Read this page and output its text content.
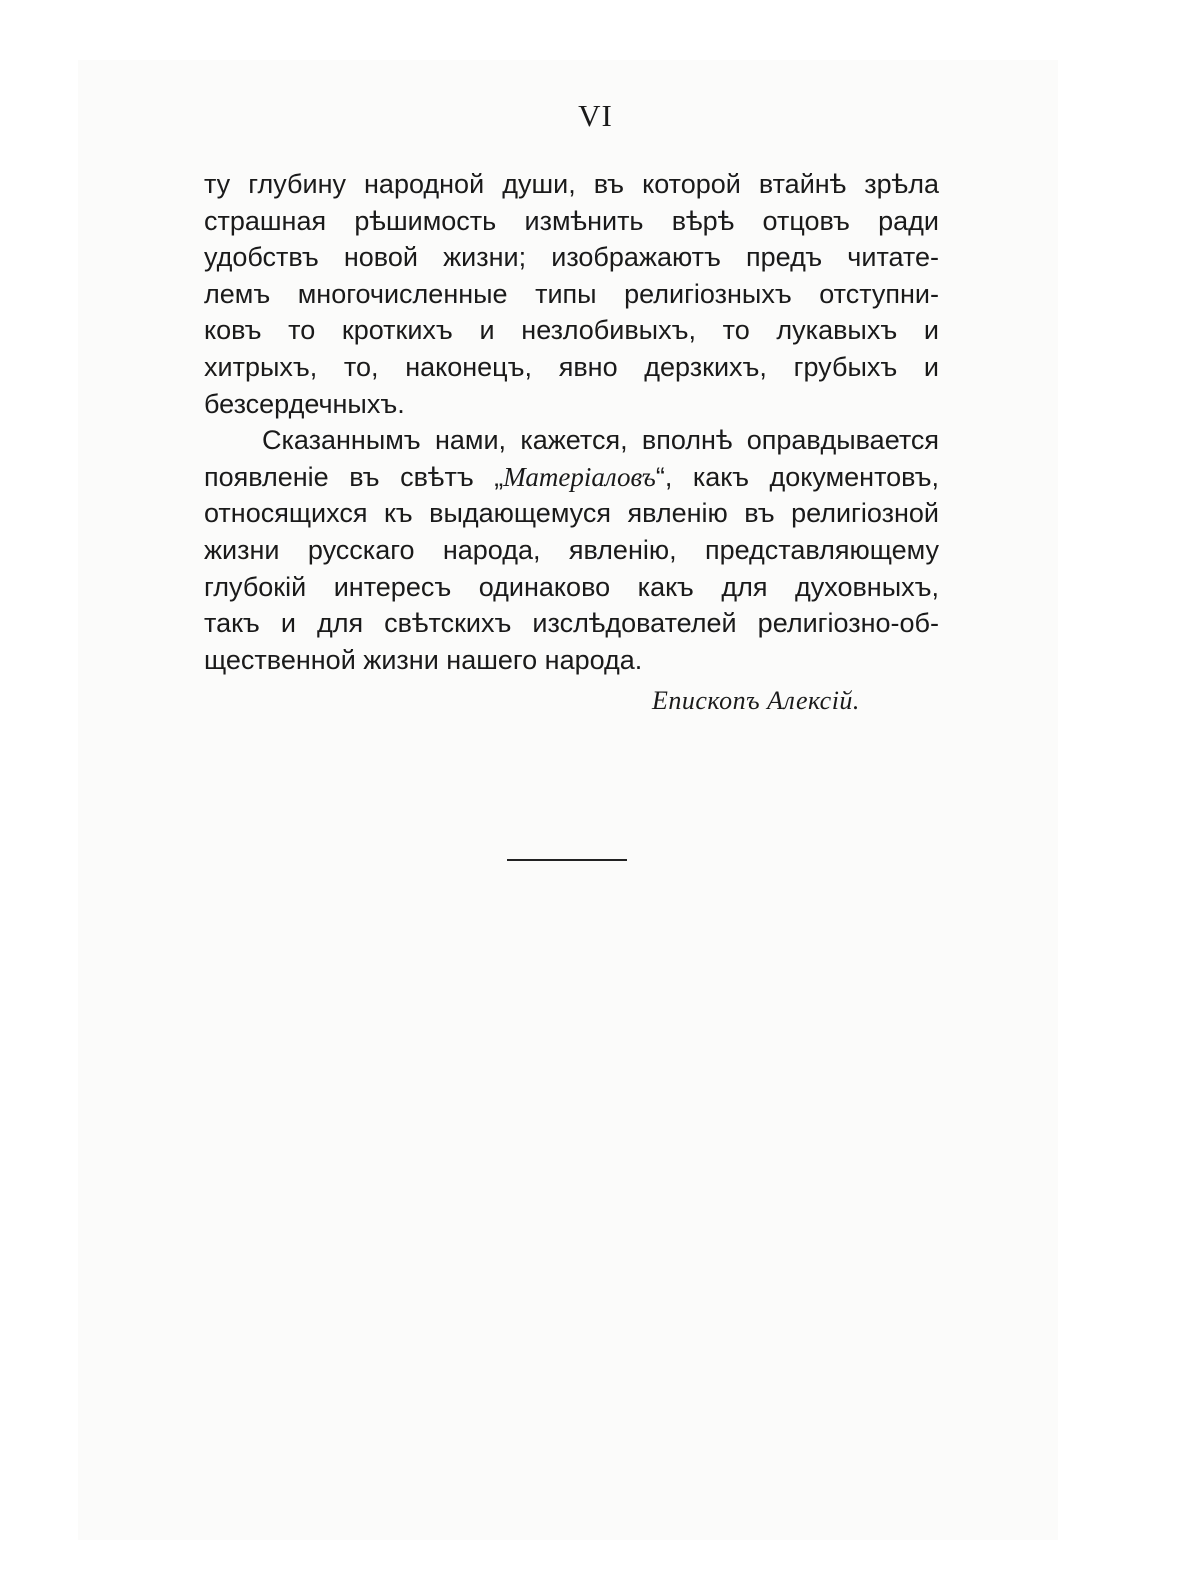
VI
ту глубину народной души, въ которой втайнѣ зрѣла
страшная рѣшимость измѣнить вѣрѣ отцовъ ради
удобствъ новой жизни; изображаютъ предъ читате-
лемъ многочисленные типы религіозныхъ отступни-
ковъ то кроткихъ и незлобивыхъ, то лукавыхъ и
хитрыхъ, то, наконецъ, явно дерзкихъ, грубыхъ и
безсердечныхъ.
Сказаннымъ нами, кажется, вполнѣ оправдывается
появленіе въ свѣтъ „Матеріаловъ“, какъ документовъ,
относящихся къ выдающемуся явленію въ религіозной
жизни русскаго народа, явленію, представляющему
глубокій интересъ одинаково какъ для духовныхъ,
такъ и для свѣтскихъ изслѣдователей религіозно-об-
щественной жизни нашего народа.
Епископъ Алексій.
